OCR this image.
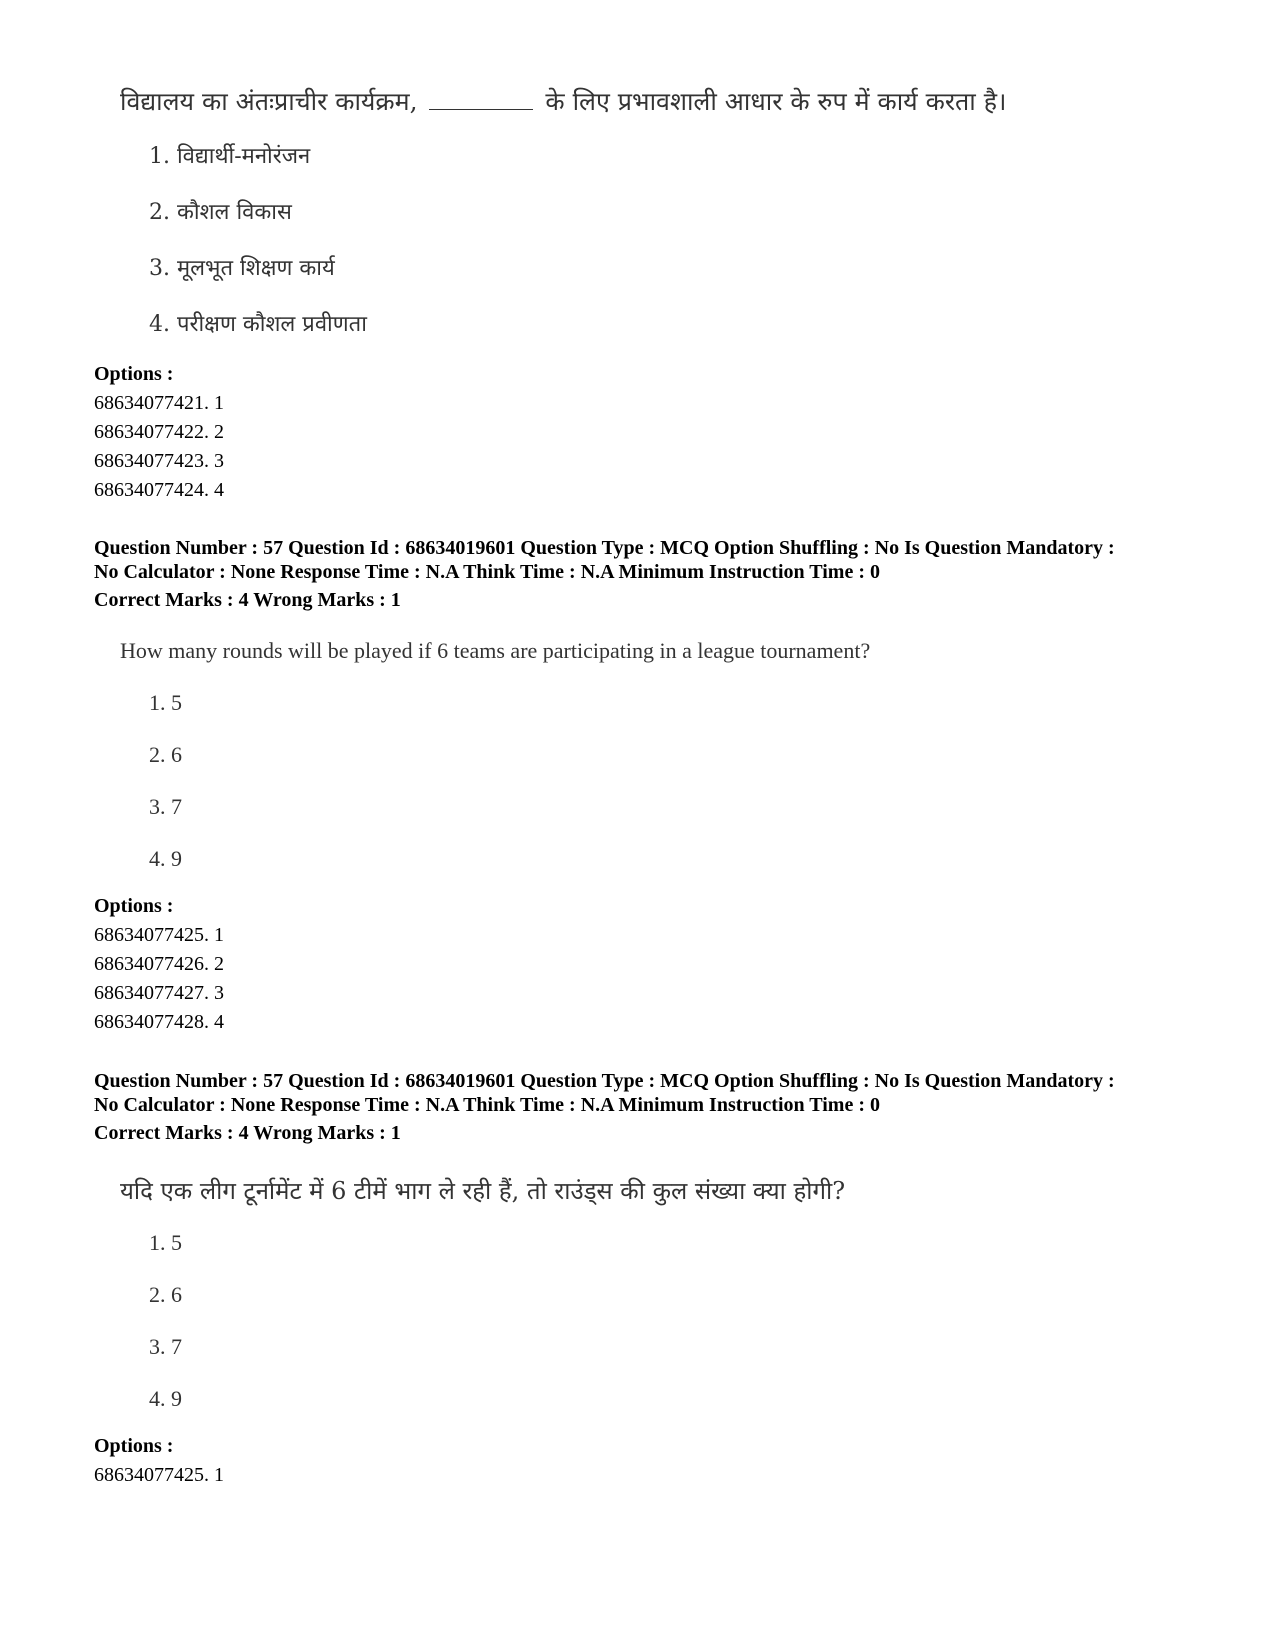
विद्यालय का अंतःप्राचीर कार्यक्रम,	के लिए प्रभावशाली आधार के रुप में कार्य करता है।
1. विद्यार्थी-मनोरंजन
2. कौशल विकास
3. मूलभूत शिक्षण कार्य
4. परीक्षण कौशल प्रवीणता
Options :
68634077421. 1
68634077422. 2
68634077423. 3
68634077424. 4
Question Number : 57 Question Id : 68634019601 Question Type : MCQ Option Shuffling : No Is Question Mandatory :
No Calculator : None Response Time : N.A Think Time : N.A Minimum Instruction Time : 0
Correct Marks : 4 Wrong Marks : 1
How many rounds will be played if 6 teams are participating in a league tournament?
1. 5
2. 6
3. 7
4. 9
Options :
68634077425. 1
68634077426. 2
68634077427. 3
68634077428. 4
Question Number : 57 Question Id : 68634019601 Question Type : MCQ Option Shuffling : No Is Question Mandatory :
No Calculator : None Response Time : N.A Think Time : N.A Minimum Instruction Time : 0
Correct Marks : 4 Wrong Marks : 1
यदि एक लीग टूर्नामेंट में 6 टीमें भाग ले रही हैं, तो राउंड्स की कुल संख्या क्या होगी?
1. 5
2. 6
3. 7
4. 9
Options :
68634077425. 1
